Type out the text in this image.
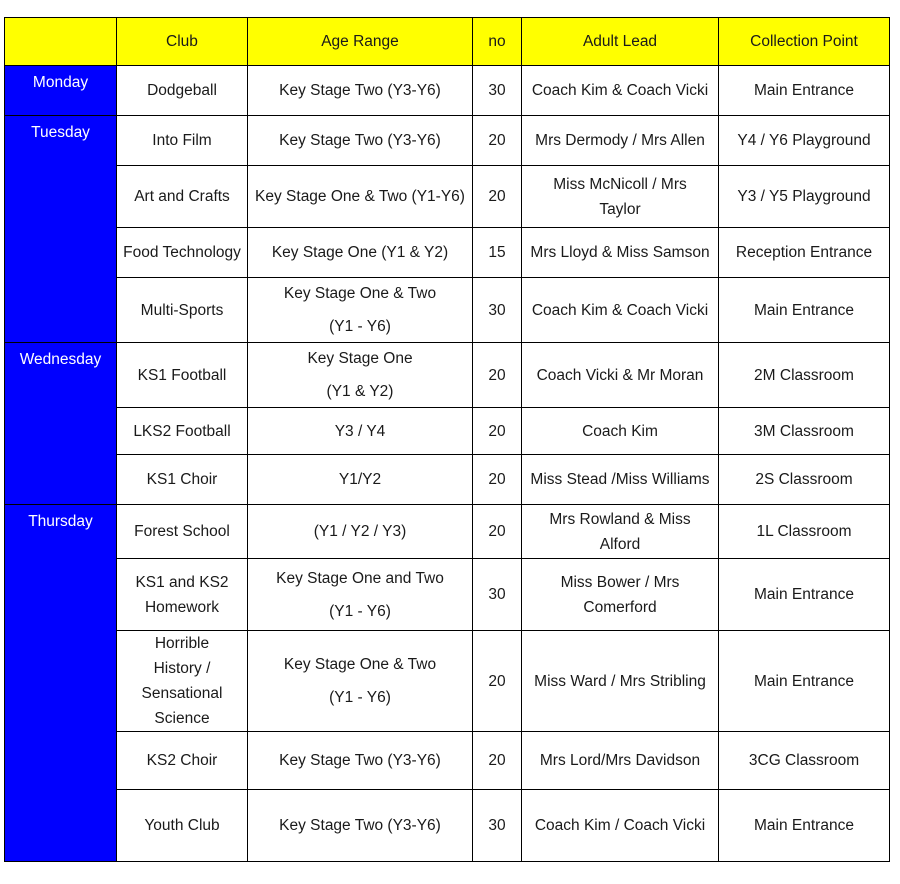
	Club	Age Range	no	Adult Lead	Collection Point
Monday	Dodgeball	Key Stage Two (Y3-Y6)	30	Coach Kim & Coach Vicki	Main Entrance

Tuesday	Into Film	Key Stage Two (Y3-Y6)	20	Mrs Dermody / Mrs Allen	Y4 / Y6 Playground

	Art and Crafts	Key Stage One & Two (Y1-Y6)	20	Miss McNicoll / Mrs
Taylor	Y3 / Y5 Playground

	Food Technology	Key Stage One (Y1 & Y2)	15	Mrs Lloyd & Miss Samson	Reception Entrance

	Multi-Sports	Key Stage One & Two
(Y1 - Y6)	30	Coach Kim & Coach Vicki	Main Entrance

Wednesday	KS1 Football	Key Stage One
(Y1 & Y2)	20	Coach Vicki & Mr Moran	2M Classroom

	LKS2 Football	Y3 / Y4	20	Coach Kim	3M Classroom

	KS1 Choir	Y1/Y2	20	Miss Stead /Miss Williams	2S Classroom

Thursday	Forest School	(Y1 / Y2 / Y3)	20	Mrs Rowland & Miss
Alford	1L Classroom

	KS1 and KS2
Homework	Key Stage One and Two
(Y1 - Y6)	30	Miss Bower / Mrs
Comerford	Main Entrance

	Horrible
History /
Sensational
Science	Key Stage One & Two
(Y1 - Y6)	20	Miss Ward / Mrs Stribling	Main Entrance

	KS2 Choir	Key Stage Two (Y3-Y6)	20	Mrs Lord/Mrs Davidson	3CG Classroom

	Youth Club	Key Stage Two (Y3-Y6)	30	Coach Kim / Coach Vicki	Main Entrance
